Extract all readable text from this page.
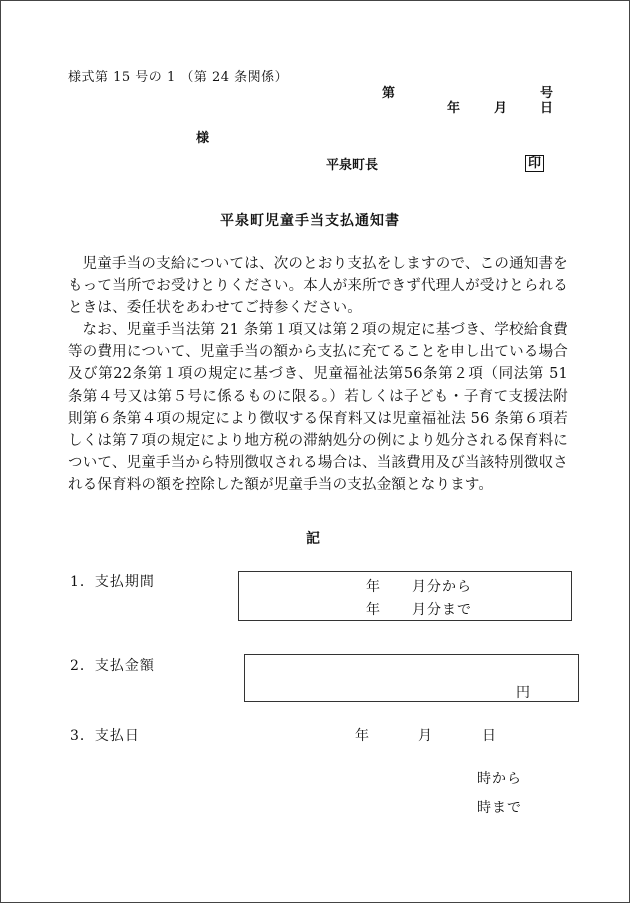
様式第 15 号の 1 （第 24 条関係）
第	号
年	月	日
様
平泉町長	印
平泉町児童手当支払通知書

児童手当の支給については、次のとおり支払をしますので、この通知書をもって当所でお受けとりください。本人が来所できず代理人が受けとられるときは、委任状をあわせてご持参ください。

なお、児童手当法第 21 条第１項又は第２項の規定に基づき、学校給食費等の費用について、児童手当の額から支払に充てることを申し出ている場合及び第22条第１項の規定に基づき、児童福祉法第56条第２項（同法第 51 条第４号又は第５号に係るものに限る。）若しくは子ども・子育て支援法附則第６条第４項の規定により徴収する保育料又は児童福祉法 56 条第６項若しくは第７項の規定により地方税の滞納処分の例により処分される保育料について、児童手当から特別徴収される場合は、当該費用及び当該特別徴収される保育料の額を控除した額が児童手当の支払金額となります。

記
1．支払期間	年 月分から
年 月分まで
2．支払金額
円
3．支払日	年	月	日
時から
時まで
